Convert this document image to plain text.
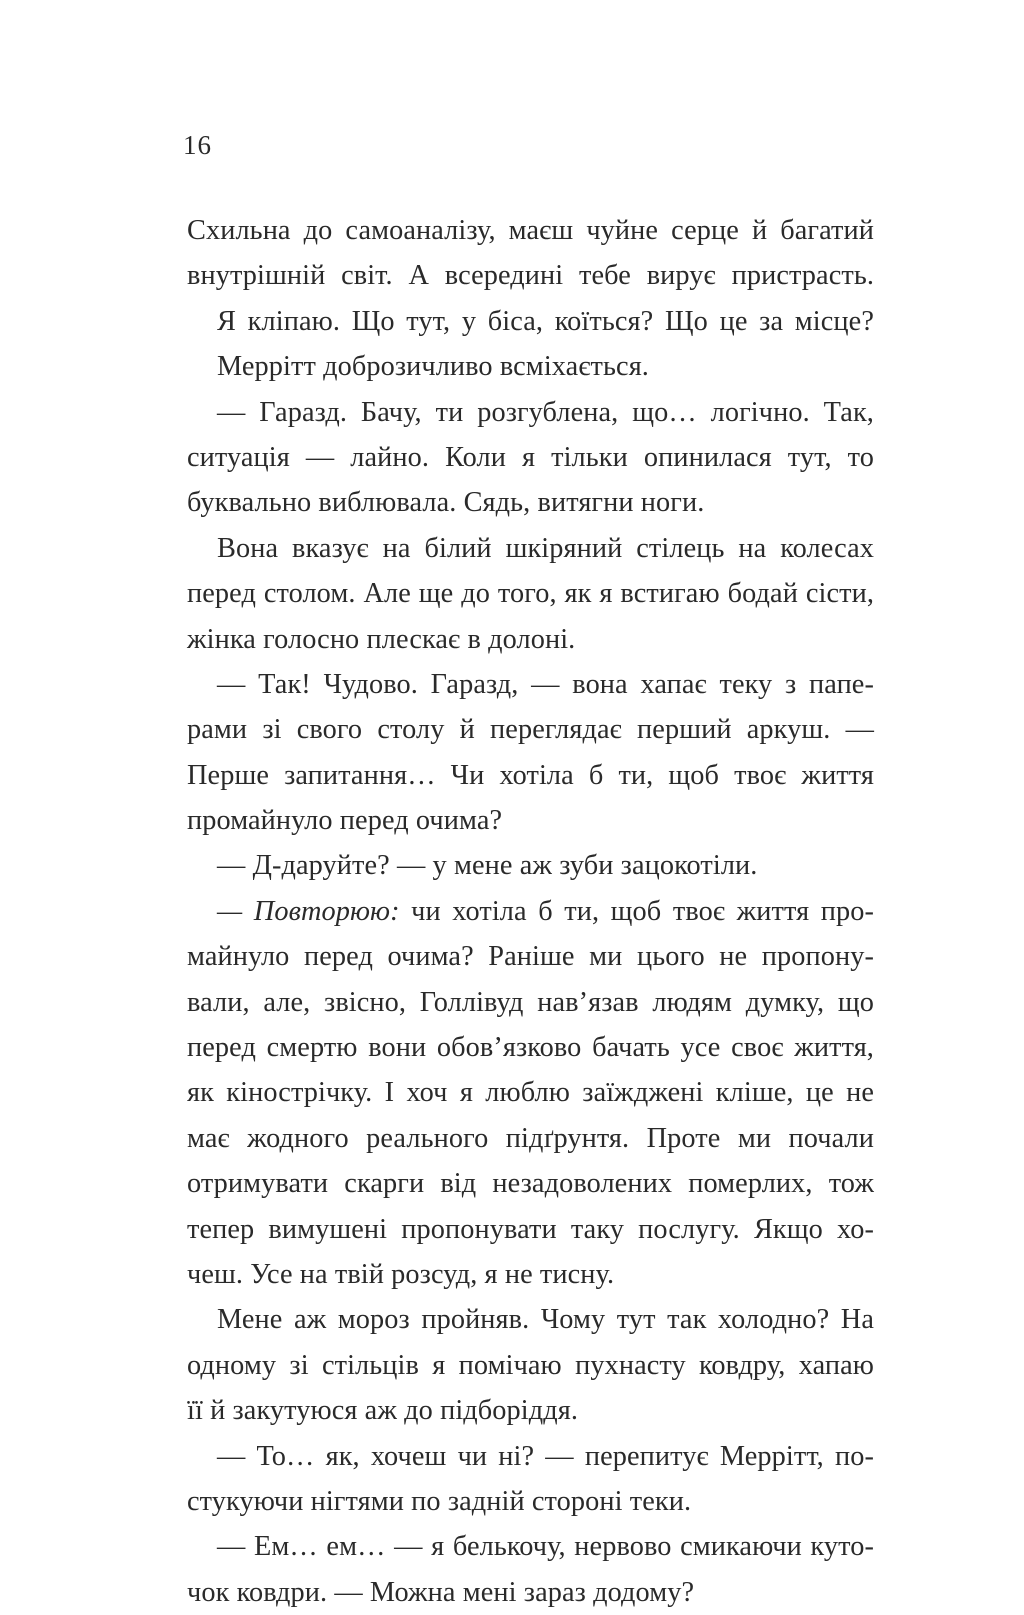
16
Схильна до самоаналізу, маєш чуйне серце й багатий
внутрішній світ. А всередині тебе вирує пристрасть.
Я кліпаю. Що тут, у біса, коїться? Що це за місце?
Меррітт доброзичливо всміхається.
— Гаразд. Бачу, ти розгублена, що… логічно. Так,
ситуація — лайно. Коли я тільки опинилася тут, то
буквально виблювала. Сядь, витягни ноги.
Вона вказує на білий шкіряний стілець на колесах
перед столом. Але ще до того, як я встигаю бодай сісти,
жінка голосно плескає в долоні.
— Так! Чудово. Гаразд, — вона хапає теку з папе-
рами зі свого столу й переглядає перший аркуш. —
Перше запитання… Чи хотіла б ти, щоб твоє життя
промайнуло перед очима?
— Д-даруйте? — у мене аж зуби зацокотіли.
— Повторюю: чи хотіла б ти, щоб твоє життя про-
майнуло перед очима? Раніше ми цього не пропону-
вали, але, звісно, Голлівуд нав’язав людям думку, що
перед смертю вони обов’язково бачать усе своє життя,
як кінострічку. І хоч я люблю заїжджені кліше, це не
має жодного реального підґрунтя. Проте ми почали
отримувати скарги від незадоволених померлих, тож
тепер вимушені пропонувати таку послугу. Якщо хо-
чеш. Усе на твій розсуд, я не тисну.
Мене аж мороз пройняв. Чому тут так холодно? На
одному зі стільців я помічаю пухнасту ковдру, хапаю
її й закутуюся аж до підборіддя.
— То… як, хочеш чи ні? — перепитує Меррітт, по-
стукуючи нігтями по задній стороні теки.
— Ем… ем… — я белькочу, нервово смикаючи куто-
чок ковдри. — Можна мені зараз додому?
